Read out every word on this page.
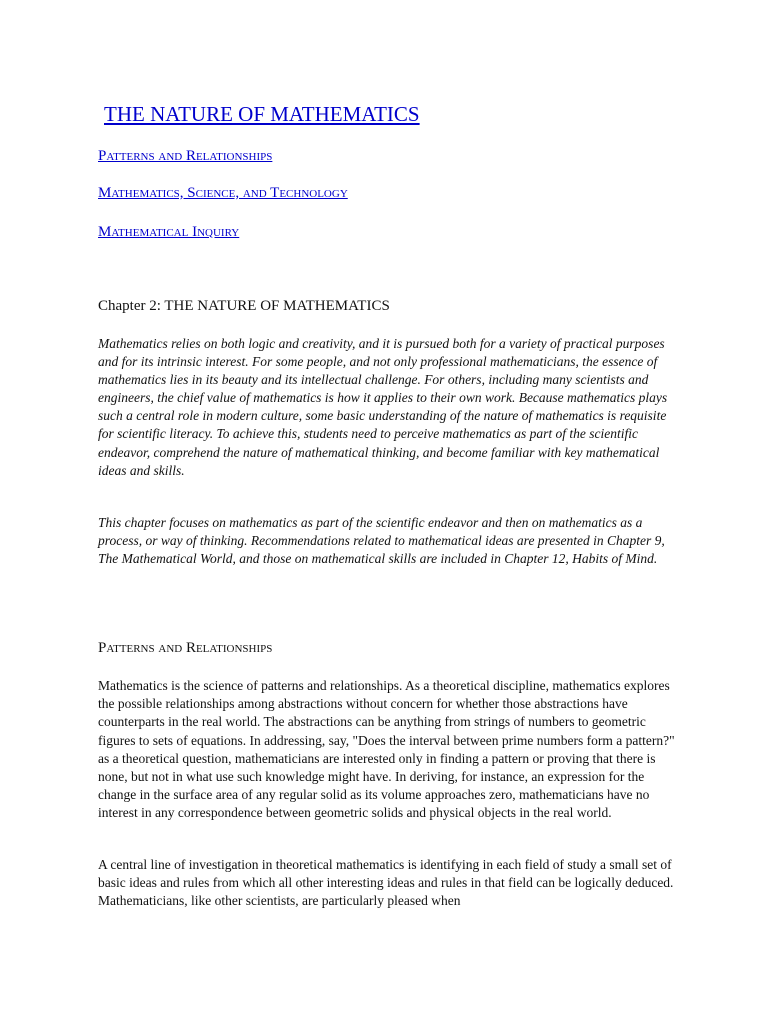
THE NATURE OF MATHEMATICS
Patterns and Relationships
Mathematics, Science, and Technology
Mathematical Inquiry
Chapter 2: THE NATURE OF MATHEMATICS

Mathematics relies on both logic and creativity, and it is pursued both for a variety of practical purposes and for its intrinsic interest. For some people, and not only professional mathematicians, the essence of mathematics lies in its beauty and its intellectual challenge. For others, including many scientists and engineers, the chief value of mathematics is how it applies to their own work. Because mathematics plays such a central role in modern culture, some basic understanding of the nature of mathematics is requisite for scientific literacy. To achieve this, students need to perceive mathematics as part of the scientific endeavor, comprehend the nature of mathematical thinking, and become familiar with key mathematical ideas and skills.

This chapter focuses on mathematics as part of the scientific endeavor and then on mathematics as a process, or way of thinking. Recommendations related to mathematical ideas are presented in Chapter 9, The Mathematical World, and those on mathematical skills are included in Chapter 12, Habits of Mind.

Patterns and Relationships

Mathematics is the science of patterns and relationships. As a theoretical discipline, mathematics explores the possible relationships among abstractions without concern for whether those abstractions have counterparts in the real world. The abstractions can be anything from strings of numbers to geometric figures to sets of equations. In addressing, say, "Does the interval between prime numbers form a pattern?" as a theoretical question, mathematicians are interested only in finding a pattern or proving that there is none, but not in what use such knowledge might have. In deriving, for instance, an expression for the change in the surface area of any regular solid as its volume approaches zero, mathematicians have no interest in any correspondence between geometric solids and physical objects in the real world.

A central line of investigation in theoretical mathematics is identifying in each field of study a small set of basic ideas and rules from which all other interesting ideas and rules in that field can be logically deduced. Mathematicians, like other scientists, are particularly pleased when
